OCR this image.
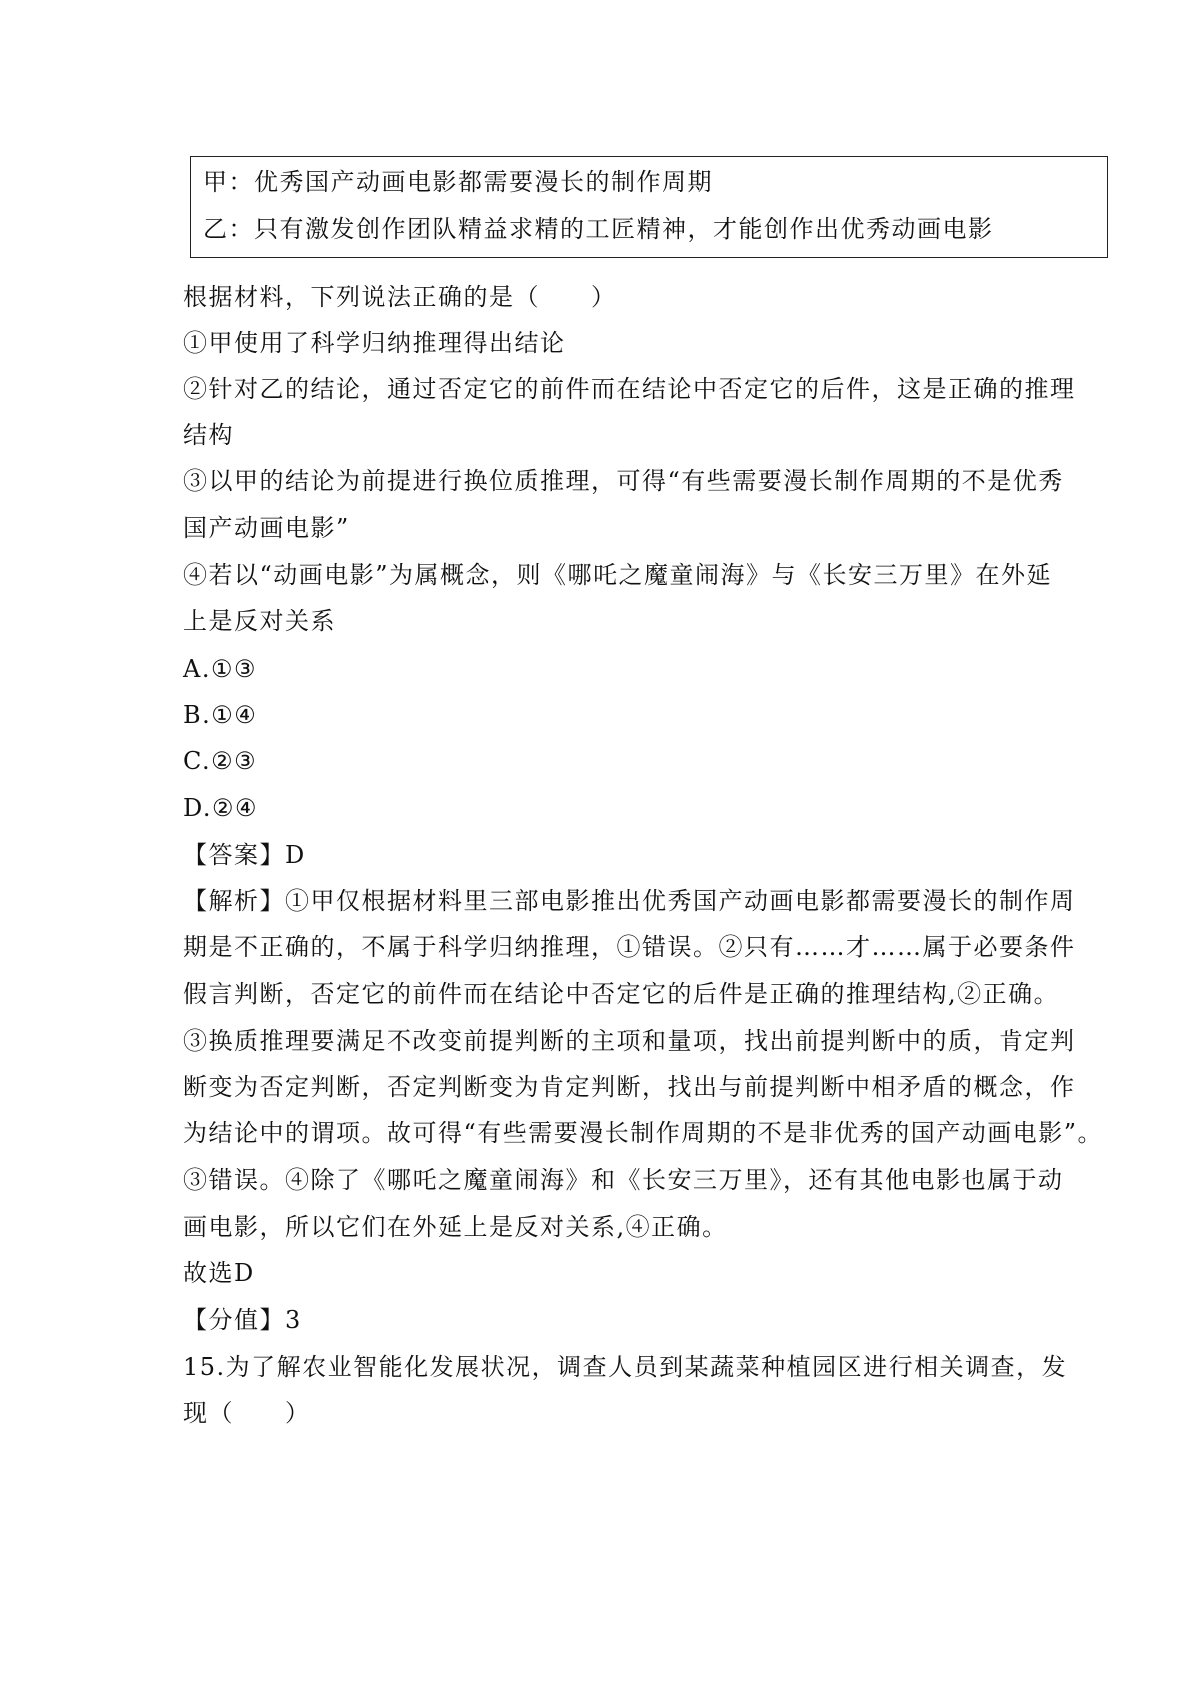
甲：优秀国产动画电影都需要漫长的制作周期
乙：只有激发创作团队精益求精的工匠精神，才能创作出优秀动画电影
根据材料，下列说法正确的是（　　）
①甲使用了科学归纳推理得出结论
②针对乙的结论，通过否定它的前件而在结论中否定它的后件，这是正确的推理
结构
③以甲的结论为前提进行换位质推理，可得“有些需要漫长制作周期的不是优秀
国产动画电影”
④若以“动画电影”为属概念，则《哪吒之魔童闹海》与《长安三万里》在外延
上是反对关系
A.①③
B.①④
C.②③
D.②④
【答案】D
【解析】①甲仅根据材料里三部电影推出优秀国产动画电影都需要漫长的制作周
期是不正确的，不属于科学归纳推理，①错误。②只有……才……属于必要条件
假言判断，否定它的前件而在结论中否定它的后件是正确的推理结构,②正确。
③换质推理要满足不改变前提判断的主项和量项，找出前提判断中的质，肯定判
断变为否定判断，否定判断变为肯定判断，找出与前提判断中相矛盾的概念，作
为结论中的谓项。故可得“有些需要漫长制作周期的不是非优秀的国产动画电影”。
③错误。④除了《哪吒之魔童闹海》和《长安三万里》，还有其他电影也属于动
画电影，所以它们在外延上是反对关系,④正确。
故选D
【分值】3
15.为了解农业智能化发展状况，调查人员到某蔬菜种植园区进行相关调查，发
现（　　）
